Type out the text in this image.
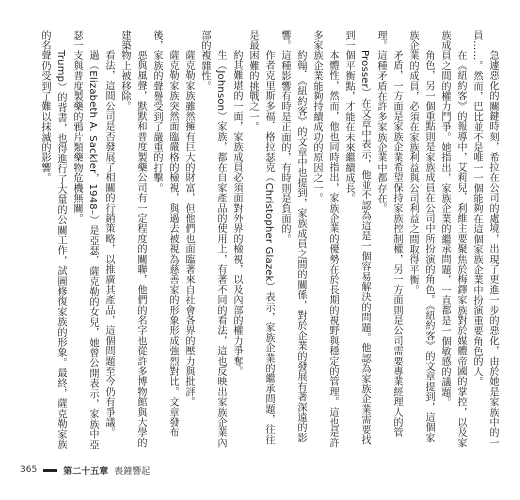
急遽惡化的關鍵時刻，希拉在公司的處境，出現了更進一步的惡化，由於她是家族中的一員……。然而，巴比並不是唯一一個能夠在這個家族企業中扮演重要角色的人。

在《紐約客》的報導中，艾莉兒．利維主要聚焦於梅鐸家族對於媒體帝國的掌控，以及家族成員之間的權力鬥爭。她指出，家族企業的繼承問題，一直都是一個敏感的議題。

角色，另一個重點則是家族成員在公司中所扮演的角色。《紐約客》的文章提到，這個家族企業的成員，必須在家族利益與公司利益之間取得平衡。

矛盾，一方面是家族企業希望保持家族控制權，另一方面則是公司需要專業經理人的管理。這種矛盾在許多家族企業中都存在。

Prosser）在文章中表示，他並不認為這是一個容易解決的問題。他認為家族企業需要找到一個平衡點，才能在未來繼續成長。

本體性，然而，他也同時指出，家族企業的優勢在於長期的視野與穩定的管理。這也是許多家族企業能夠持續成功的原因之一。

約翰．《紐約客》的文章中也提到，家族成員之間的關係，對於企業的發展有著深遠的影響。這種影響有時是正面的，有時則是負面的。

作者克里斯多福．格拉瑟克（Christopher Glazek）表示，家族企業的繼承問題，往往是最困難的挑戰之一。

約其難堪的一面，家族成員必須面對外界的檢視，以及內部的權力爭奪。

生（Johnson）家族，都在自家產品的使用上，有著不同的看法，這也反映出家族企業內部的複雜性。

薩克勒家族雖然擁有巨大的財富，但他們也面臨著來自社會各界的壓力與批評。

薩克勒家族突然面臨嚴格的檢視，與過去被視為慈善家的形象形成強烈對比。文章發布後，家族的聲譽受到了嚴重的打擊。

惡與風聲，默默和普度製藥公司有一定程度的關聯，他們的名字也從許多博物館與大學的建築物上被移除。

看法，這間公司是否發展了相關的行銷策略，以推廣其產品，這個問題至今仍有爭議。

過（Elizabeth A. Sackler，1948–）是亞瑟．薩克勒的女兒，她曾公開表示，家族中亞瑟一支與普度製藥的鴉片類藥物危機無關。

Trump）的背書，也得進行了大量的公關工作，試圖修復家族的形象。最終，薩克勒家族的名聲仍受到了難以抹滅的影響。

365	第二十五章 喪鐘響起
